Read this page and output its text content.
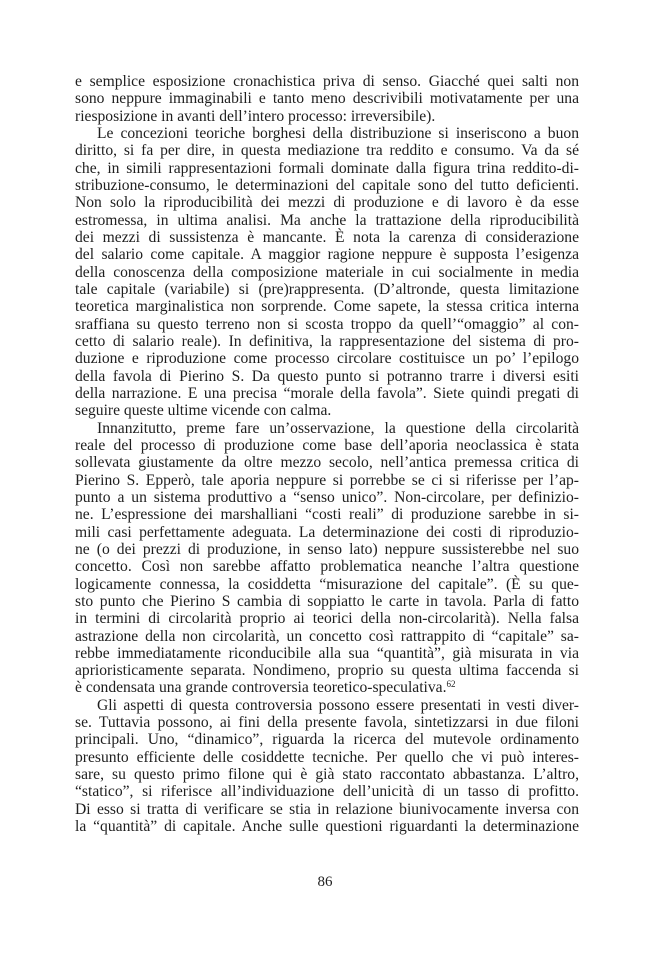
e semplice esposizione cronachistica priva di senso. Giacché quei salti non
sono neppure immaginabili e tanto meno descrivibili motivatamente per una
riesposizione in avanti dell’intero processo: irreversibile).
Le concezioni teoriche borghesi della distribuzione si inseriscono a buon
diritto, si fa per dire, in questa mediazione tra reddito e consumo. Va da sé
che, in simili rappresentazioni formali dominate dalla figura trina reddito-di-
stribuzione-consumo, le determinazioni del capitale sono del tutto deficienti.
Non solo la riproducibilità dei mezzi di produzione e di lavoro è da esse
estromessa, in ultima analisi. Ma anche la trattazione della riproducibilità
dei mezzi di sussistenza è mancante. È nota la carenza di considerazione
del salario come capitale. A maggior ragione neppure è supposta l’esigenza
della conoscenza della composizione materiale in cui socialmente in media
tale capitale (variabile) si (pre)rappresenta. (D’altronde, questa limitazione
teoretica marginalistica non sorprende. Come sapete, la stessa critica interna
sraffiana su questo terreno non si scosta troppo da quell’“omaggio” al con-
cetto di salario reale). In definitiva, la rappresentazione del sistema di pro-
duzione e riproduzione come processo circolare costituisce un po’ l’epilogo
della favola di Pierino S. Da questo punto si potranno trarre i diversi esiti
della narrazione. E una precisa “morale della favola”. Siete quindi pregati di
seguire queste ultime vicende con calma.
Innanzitutto, preme fare un’osservazione, la questione della circolarità
reale del processo di produzione come base dell’aporia neoclassica è stata
sollevata giustamente da oltre mezzo secolo, nell’antica premessa critica di
Pierino S. Epperò, tale aporia neppure si porrebbe se ci si riferisse per l’ap-
punto a un sistema produttivo a “senso unico”. Non-circolare, per definizio-
ne. L’espressione dei marshalliani “costi reali” di produzione sarebbe in si-
mili casi perfettamente adeguata. La determinazione dei costi di riproduzio-
ne (o dei prezzi di produzione, in senso lato) neppure sussisterebbe nel suo
concetto. Così non sarebbe affatto problematica neanche l’altra questione
logicamente connessa, la cosiddetta “misurazione del capitale”. (È su que-
sto punto che Pierino S cambia di soppiatto le carte in tavola. Parla di fatto
in termini di circolarità proprio ai teorici della non-circolarità). Nella falsa
astrazione della non circolarità, un concetto così rattrappito di “capitale” sa-
rebbe immediatamente riconducibile alla sua “quantità”, già misurata in via
aprioristicamente separata. Nondimeno, proprio su questa ultima faccenda si
è condensata una grande controversia teoretico-speculativa.$^{62}$
Gli aspetti di questa controversia possono essere presentati in vesti diver-
se. Tuttavia possono, ai fini della presente favola, sintetizzarsi in due filoni
principali. Uno, “dinamico”, riguarda la ricerca del mutevole ordinamento
presunto efficiente delle cosiddette tecniche. Per quello che vi può interes-
sare, su questo primo filone qui è già stato raccontato abbastanza. L’altro,
“statico”, si riferisce all’individuazione dell’unicità di un tasso di profitto.
Di esso si tratta di verificare se stia in relazione biunivocamente inversa con
la “quantità” di capitale. Anche sulle questioni riguardanti la determinazione
86
